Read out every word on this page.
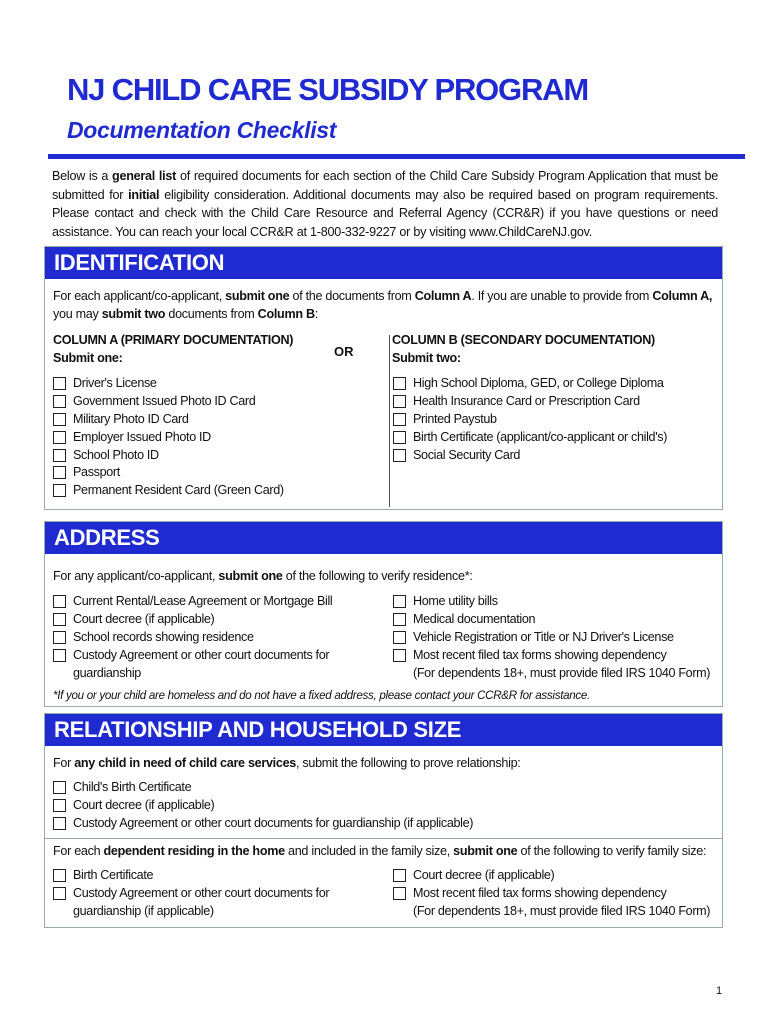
NJ CHILD CARE SUBSIDY PROGRAM
Documentation Checklist
Below is a general list of required documents for each section of the Child Care Subsidy Program Application that must be submitted for initial eligibility consideration. Additional documents may also be required based on program requirements. Please contact and check with the Child Care Resource and Referral Agency (CCR&R) if you have questions or need assistance. You can reach your local CCR&R at 1-800-332-9227 or by visiting www.ChildCareNJ.gov.
IDENTIFICATION
For each applicant/co-applicant, submit one of the documents from Column A. If you are unable to provide from Column A, you may submit two documents from Column B:
COLUMN A (PRIMARY DOCUMENTATION)
Submit one:	OR
COLUMN B (SECONDARY DOCUMENTATION)
Submit two:
Driver's License
Government Issued Photo ID Card
Military Photo ID Card
Employer Issued Photo ID
School Photo ID
Passport
Permanent Resident Card (Green Card)
High School Diploma, GED, or College Diploma
Health Insurance Card or Prescription Card
Printed Paystub
Birth Certificate (applicant/co-applicant or child's)
Social Security Card
ADDRESS
For any applicant/co-applicant, submit one of the following to verify residence*:
Current Rental/Lease Agreement or Mortgage Bill
Court decree (if applicable)
School records showing residence
Custody Agreement or other court documents for
guardianship
Home utility bills
Medical documentation
Vehicle Registration or Title or NJ Driver's License
Most recent filed tax forms showing dependency
(For dependents 18+, must provide filed IRS 1040 Form)
*If you or your child are homeless and do not have a fixed address, please contact your CCR&R for assistance.
RELATIONSHIP AND HOUSEHOLD SIZE
For any child in need of child care services, submit the following to prove relationship:
Child's Birth Certificate
Court decree (if applicable)
Custody Agreement or other court documents for guardianship (if applicable)
For each dependent residing in the home and included in the family size, submit one of the following to verify family size:
Birth Certificate
Custody Agreement or other court documents for
guardianship (if applicable)
Court decree (if applicable)
Most recent filed tax forms showing dependency
(For dependents 18+, must provide filed IRS 1040 Form)
1
